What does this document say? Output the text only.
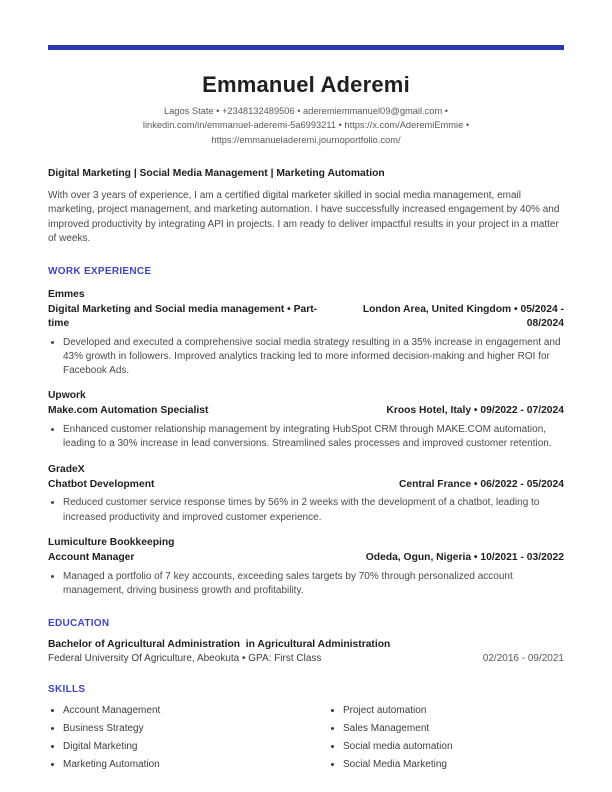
Emmanuel Aderemi
Lagos State • +2348132489506 • aderemiemmanuel09@gmail.com •
linkedin.com/in/emmanuel-aderemi-5a6993211 • https://x.com/AderemiEmmie •
https://emmanueladeremi.journoportfolio.com/
Digital Marketing | Social Media Management | Marketing Automation
With over 3 years of experience, I am a certified digital marketer skilled in social media management, email marketing, project management, and marketing automation. I have successfully increased engagement by 40% and improved productivity by integrating API in projects. I am ready to deliver impactful results in your project in a matter of weeks.
WORK EXPERIENCE
Emmes
Digital Marketing and Social media management • Part-time
London Area, United Kingdom • 05/2024 - 08/2024
• Developed and executed a comprehensive social media strategy resulting in a 35% increase in engagement and 43% growth in followers. Improved analytics tracking led to more informed decision-making and higher ROI for Facebook Ads.
Upwork
Make.com Automation Specialist	Kroos Hotel, Italy • 09/2022 - 07/2024
• Enhanced customer relationship management by integrating HubSpot CRM through MAKE.COM automation, leading to a 30% increase in lead conversions. Streamlined sales processes and improved customer retention.
GradeX
Chatbot Development	Central France • 06/2022 - 05/2024
• Reduced customer service response times by 56% in 2 weeks with the development of a chatbot, leading to increased productivity and improved customer experience.
Lumiculture Bookkeeping
Account Manager	Odeda, Ogun, Nigeria • 10/2021 - 03/2022
• Managed a portfolio of 7 key accounts, exceeding sales targets by 70% through personalized account management, driving business growth and profitability.
EDUCATION
Bachelor of Agricultural Administration  in Agricultural Administration
Federal University Of Agriculture, Abeokuta • GPA: First Class	02/2016 - 09/2021
SKILLS
• Account Management
• Business Strategy
• Digital Marketing
• Marketing Automation
• Project automation
• Sales Management
• Social media automation
• Social Media Marketing
